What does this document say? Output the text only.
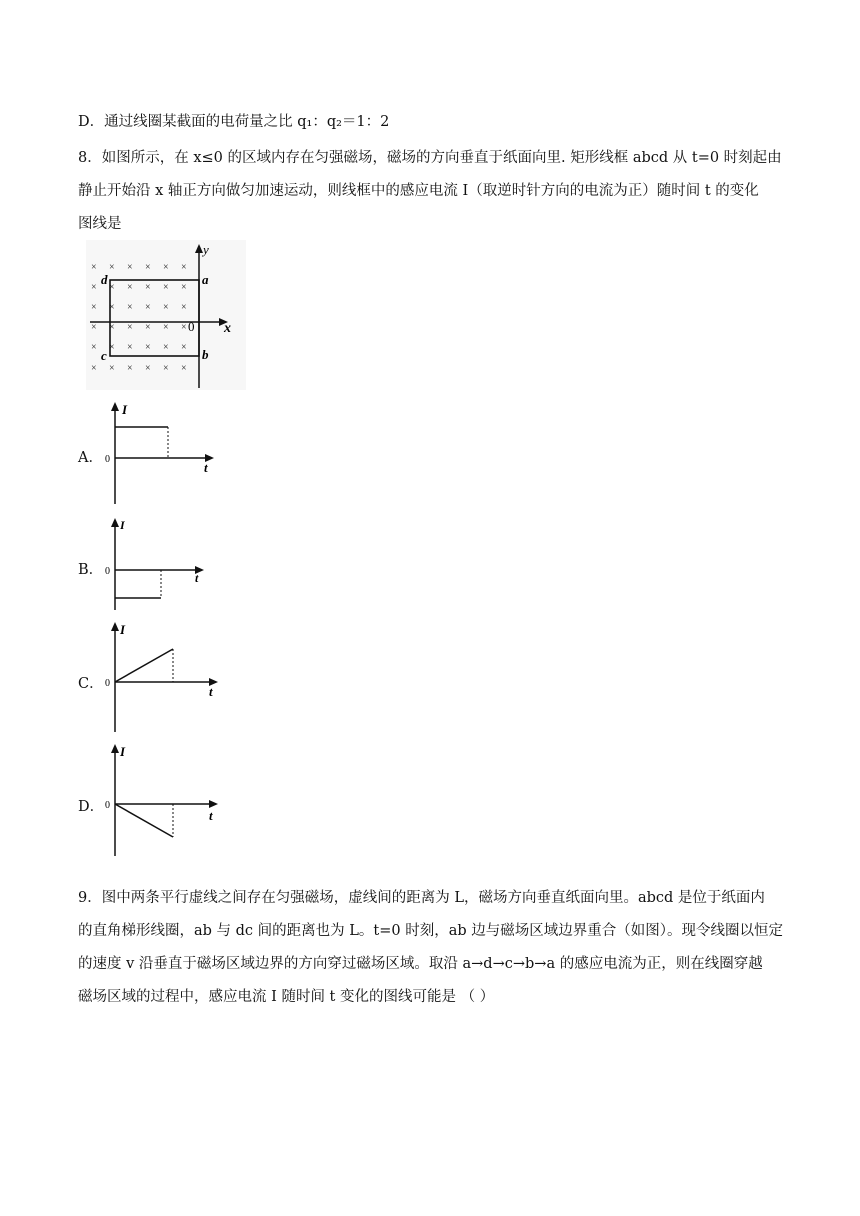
D．通过线圈某截面的电荷量之比 q₁：q₂＝1：2
8．如图所示，在 x≤0 的区域内存在匀强磁场，磁场的方向垂直于纸面向里. 矩形线框 abcd 从 t=0 时刻起由
静止开始沿 x 轴正方向做匀加速运动，则线框中的感应电流 I（取逆时针方向的电流为正）随时间 t 的变化
图线是
× × × × × ×
× × × × × ×
× × × × × ×
× × × × × ×
× × × × × ×
× × × × × ×
y
x
0
a
b
c
d
A．
I
t
0
B．
I
t
0
C．
I
t
0
D．
I
t
0
9．图中两条平行虚线之间存在匀强磁场，虚线间的距离为 L，磁场方向垂直纸面向里。abcd 是位于纸面内
的直角梯形线圈，ab 与 dc 间的距离也为 L。t=0 时刻，ab 边与磁场区域边界重合（如图）。现令线圈以恒定
的速度 v 沿垂直于磁场区域边界的方向穿过磁场区域。取沿 a→d→c→b→a 的感应电流为正，则在线圈穿越
磁场区域的过程中，感应电流 I 随时间 t 变化的图线可能是 （ ）
